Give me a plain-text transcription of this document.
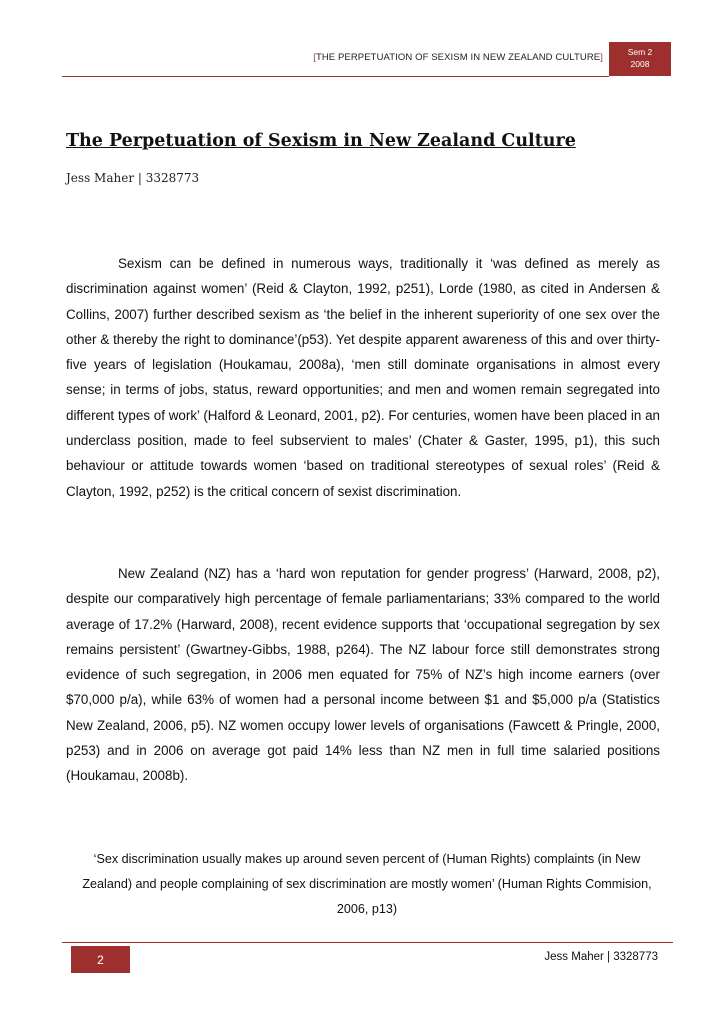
[THE PERPETUATION OF SEXISM IN NEW ZEALAND CULTURE]	Sem 2
2008
The Perpetuation of Sexism in New Zealand Culture

Jess Maher | 3328773

Sexism can be defined in numerous ways, traditionally it ‘was defined as merely as discrimination against women’ (Reid & Clayton, 1992, p251), Lorde (1980, as cited in Andersen & Collins, 2007) further described sexism as ‘the belief in the inherent superiority of one sex over the other & thereby the right to dominance’(p53). Yet despite apparent awareness of this and over thirty-five years of legislation (Houkamau, 2008a), ‘men still dominate organisations in almost every sense; in terms of jobs, status, reward opportunities; and men and women remain segregated into different types of work’ (Halford & Leonard, 2001, p2). For centuries, women have been placed in an underclass position, made to feel subservient to males’ (Chater & Gaster, 1995, p1), this such behaviour or attitude towards women ‘based on traditional stereotypes of sexual roles’ (Reid & Clayton, 1992, p252) is the critical concern of sexist discrimination.

New Zealand (NZ) has a ‘hard won reputation for gender progress’ (Harward, 2008, p2), despite our comparatively high percentage of female parliamentarians; 33% compared to the world average of 17.2% (Harward, 2008), recent evidence supports that ‘occupational segregation by sex remains persistent’ (Gwartney-Gibbs, 1988, p264). The NZ labour force still demonstrates strong evidence of such segregation, in 2006 men equated for 75% of NZ’s high income earners (over $70,000 p/a), while 63% of women had a personal income between $1 and $5,000 p/a (Statistics New Zealand, 2006, p5). NZ women occupy lower levels of organisations (Fawcett & Pringle, 2000, p253) and in 2006 on average got paid 14% less than NZ men in full time salaried positions (Houkamau, 2008b).

‘Sex discrimination usually makes up around seven percent of (Human Rights) complaints (in New Zealand) and people complaining of sex discrimination are mostly women’ (Human Rights Commision, 2006, p13)

2	Jess Maher | 3328773
